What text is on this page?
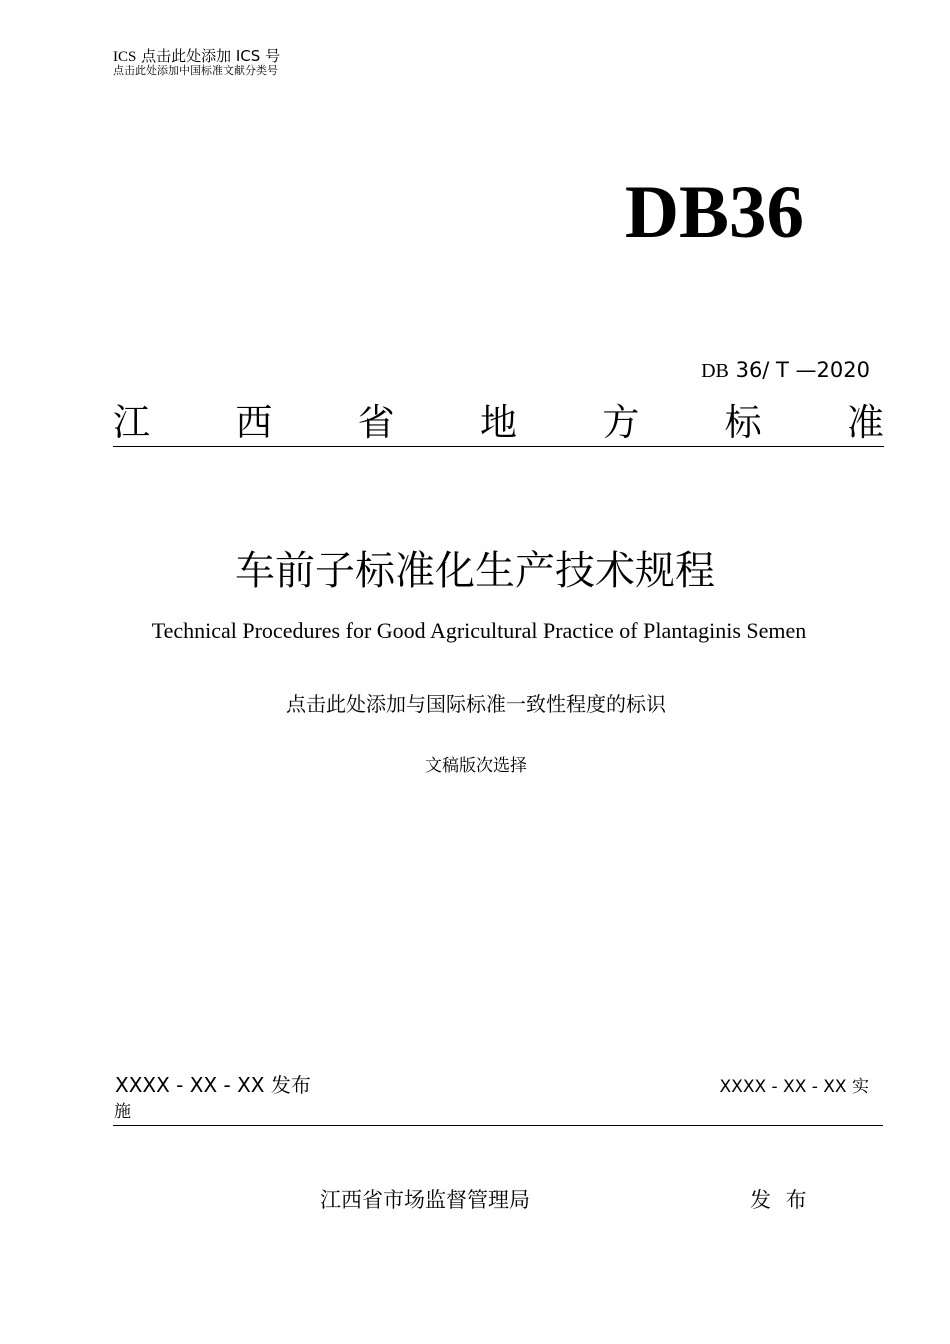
ICS 点击此处添加 ICS 号
点击此处添加中国标准文献分类号
DB36
DB 36/ T —2020
江 西 省 地 方 标 准
车前子标准化生产技术规程
Technical Procedures for Good Agricultural Practice of Plantaginis Semen
点击此处添加与国际标准一致性程度的标识
文稿版次选择
XXXX - XX - XX 发布	XXXX - XX - XX 实
施
江西省市场监督管理局	发 布
